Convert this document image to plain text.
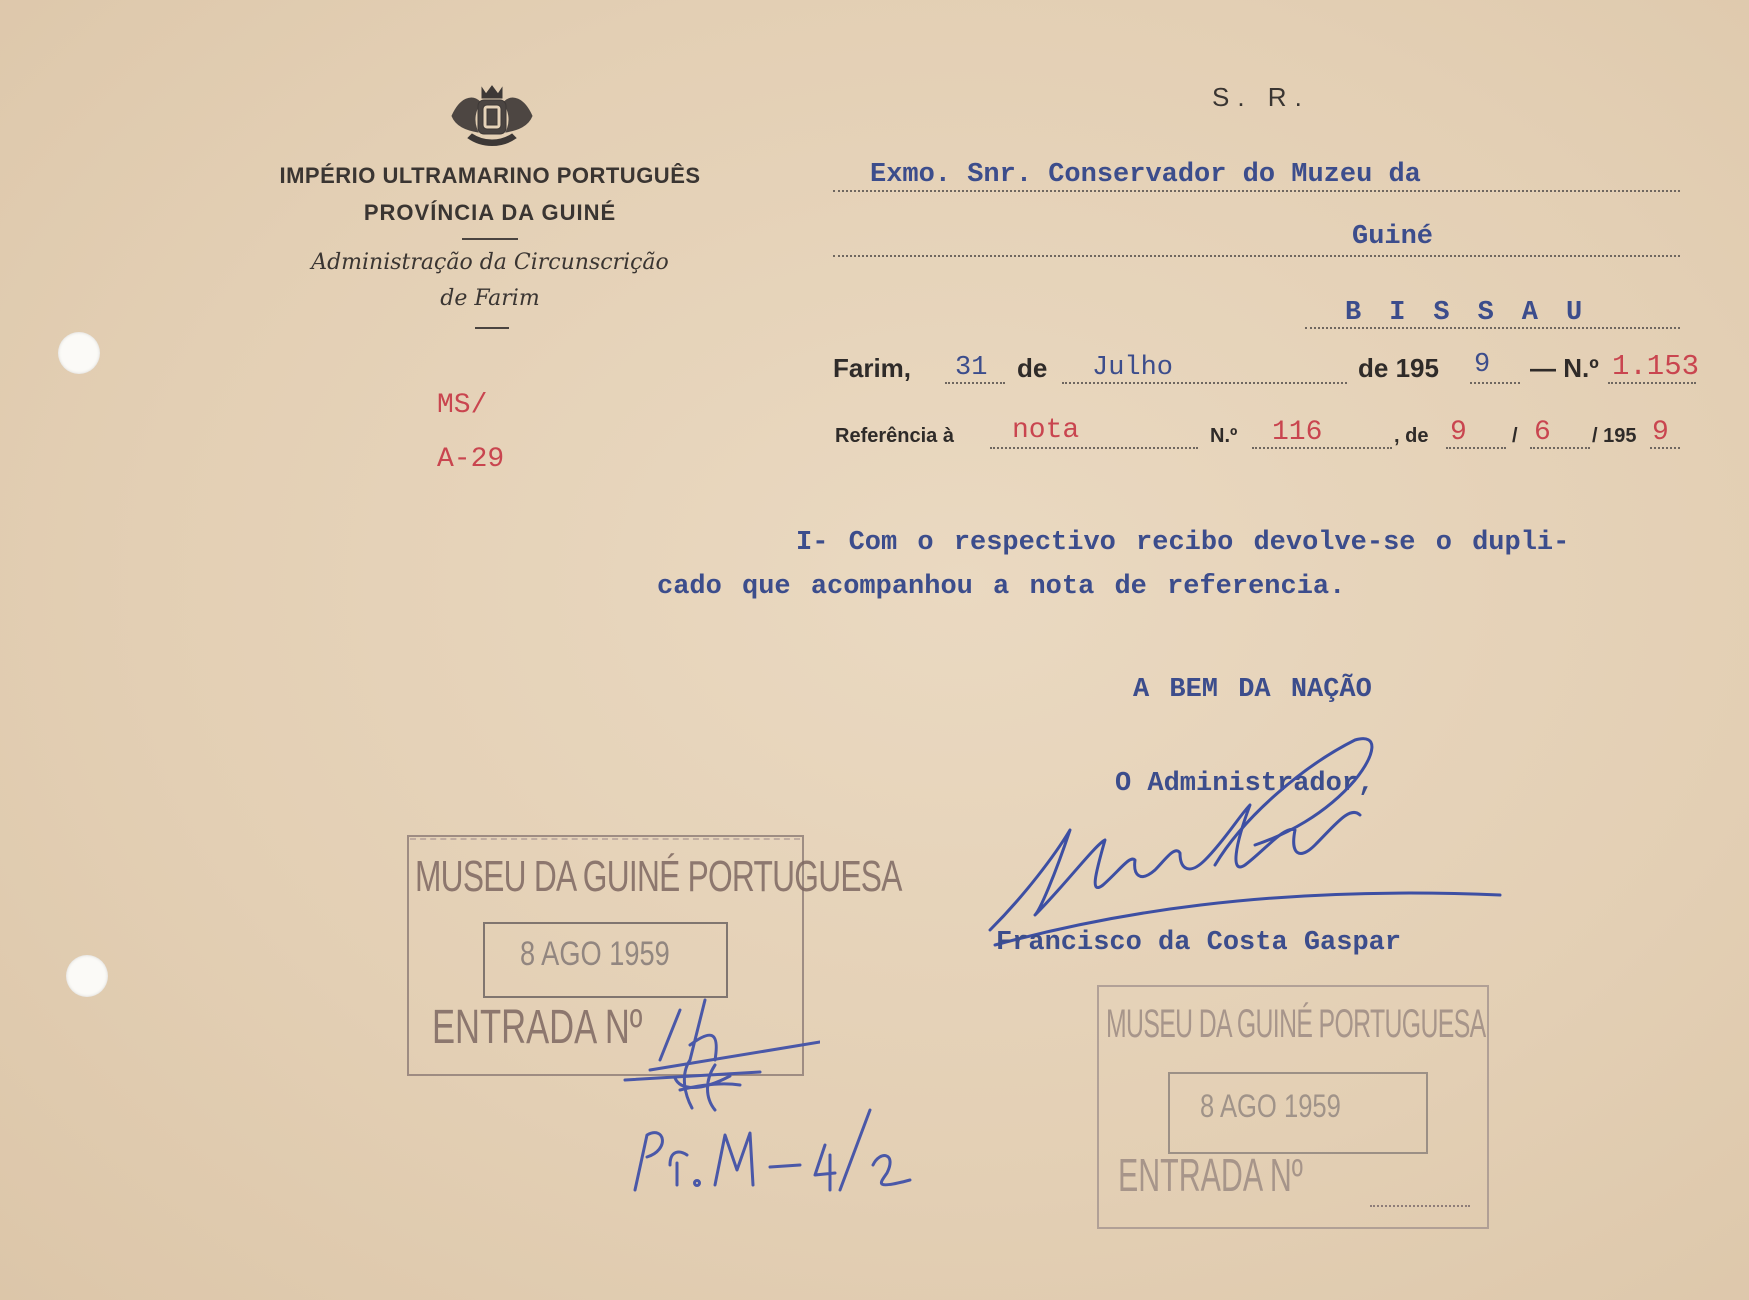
IMPÉRIO ULTRAMARINO PORTUGUÊS
PROVÍNCIA DA GUINÉ
Administração da Circunscrição
de Farim
MS/
A-29
S. R.
Exmo. Snr. Conservador do Muzeu da
Guiné
BISSAU
Farim, 31 de Julho	de 195 9 — N.º 1.153
Referência à nota	N.º 116	, de 9 / 6 / 195 9
I- Com o respectivo recibo devolve-se o dupli-
cado que acompanhou a nota de referencia.
A BEM DA NAÇÃO
O Administrador,
Francisco da Costa Gaspar
MUSEU DA GUINÉ PORTUGUESA
8 AGO 1959
ENTRADA Nº	MUSEU DA GUINÉ PORTUGUESA
8 AGO 1959
ENTRADA Nº
